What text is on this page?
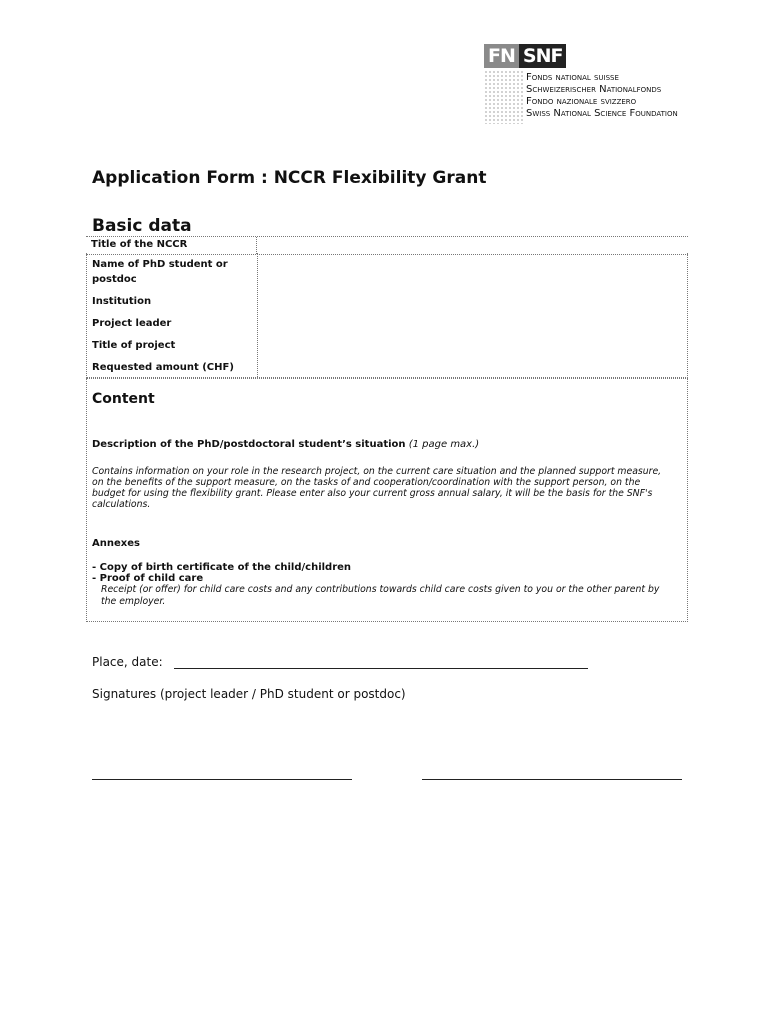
FN SNF
Fonds national suisse
Schweizerischer Nationalfonds
Fondo nazionale svizzero
Swiss National Science Foundation
Application Form : NCCR Flexibility Grant
Basic data
Title of the NCCR
Name of PhD student or postdoc
Institution
Project leader
Title of project
Requested amount (CHF)
Content
Description of the PhD/postdoctoral student’s situation (1 page max.)
Contains information on your role in the research project, on the current care situation and the planned support measure, on the benefits of the support measure, on the tasks of and cooperation/coordination with the support person, on the budget for using the flexibility grant. Please enter also your current gross annual salary, it will be the basis for the SNF's calculations.
Annexes
- Copy of birth certificate of the child/children
- Proof of child care
Receipt (or offer) for child care costs and any contributions towards child care costs given to you or the other parent by the employer.
Place, date:
Signatures (project leader / PhD student or postdoc)
